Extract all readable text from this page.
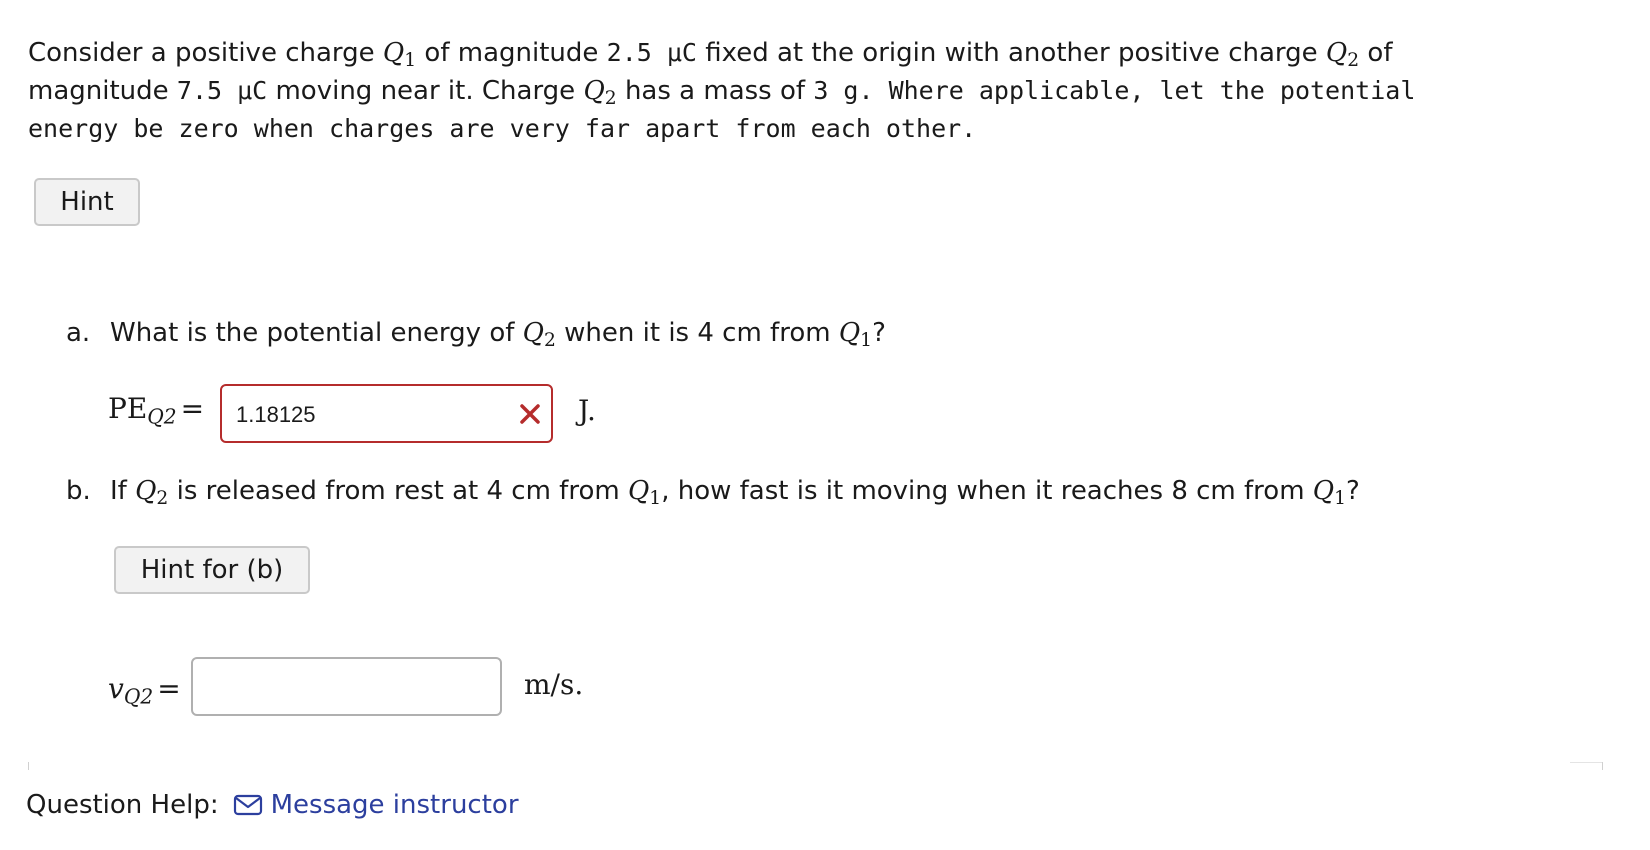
Consider a positive charge $Q_1$ of magnitude 2.5 μC fixed at the origin with another positive charge $Q_2$ of magnitude 7.5 μC moving near it. Charge $Q_2$ has a mass of 3 g. Where applicable, let the potential energy be zero when charges are very far apart from each other.
Hint
a. What is the potential energy of $Q_2$ when it is 4 cm from $Q_1$?
$PE_{Q2} = 1.18125$	J.
b. If $Q_2$ is released from rest at 4 cm from $Q_1$, how fast is it moving when it reaches 8 cm from $Q_1$?
Hint for (b)
$v_{Q2}$ =	m/s.
Question Help: Message instructor
